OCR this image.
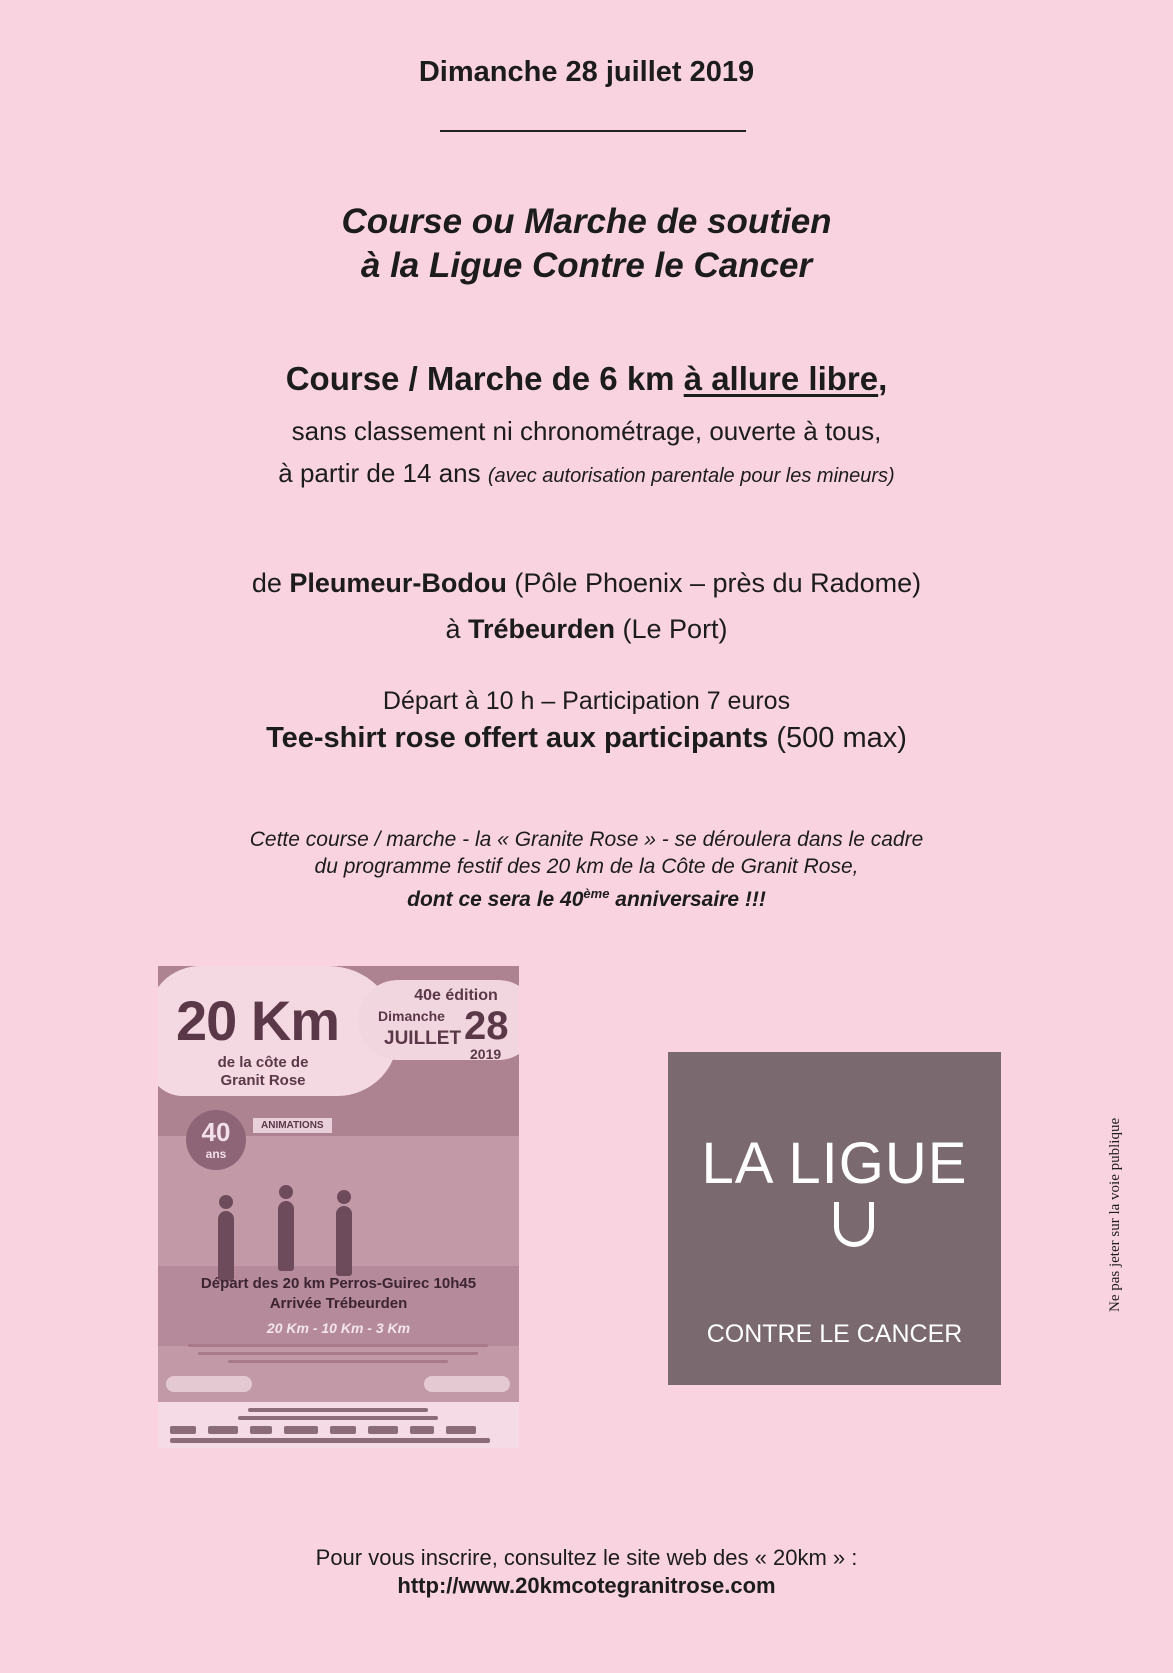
Dimanche 28 juillet 2019
Course ou Marche de soutien
à la Ligue Contre le Cancer
Course / Marche de 6 km à allure libre,
sans classement ni chronométrage, ouverte à tous,
à partir de 14 ans (avec autorisation parentale pour les mineurs)
de Pleumeur-Bodou (Pôle Phoenix – près du Radome)
à Trébeurden (Le Port)
Départ à 10 h – Participation 7 euros
Tee-shirt rose offert aux participants (500 max)
Cette course / marche - la « Granite Rose » - se déroulera dans le cadre
du programme festif des 20 km de la Côte de Granit Rose,
dont ce sera le 40ème anniversaire !!!
20 Km
de la côte de
Granit Rose
40e édition
Dimanche
JUILLET 28
2019
40
ans
ANIMATIONS
Départ des 20 km Perros-Guirec 10h45
Arrivée Trébeurden
20 Km - 10 Km - 3 Km
LA LIGUE
CONTRE LE CANCER
Ne pas jeter sur la voie publique
Pour vous inscrire, consultez le site web des « 20km » :
http://www.20kmcotegranitrose.com
